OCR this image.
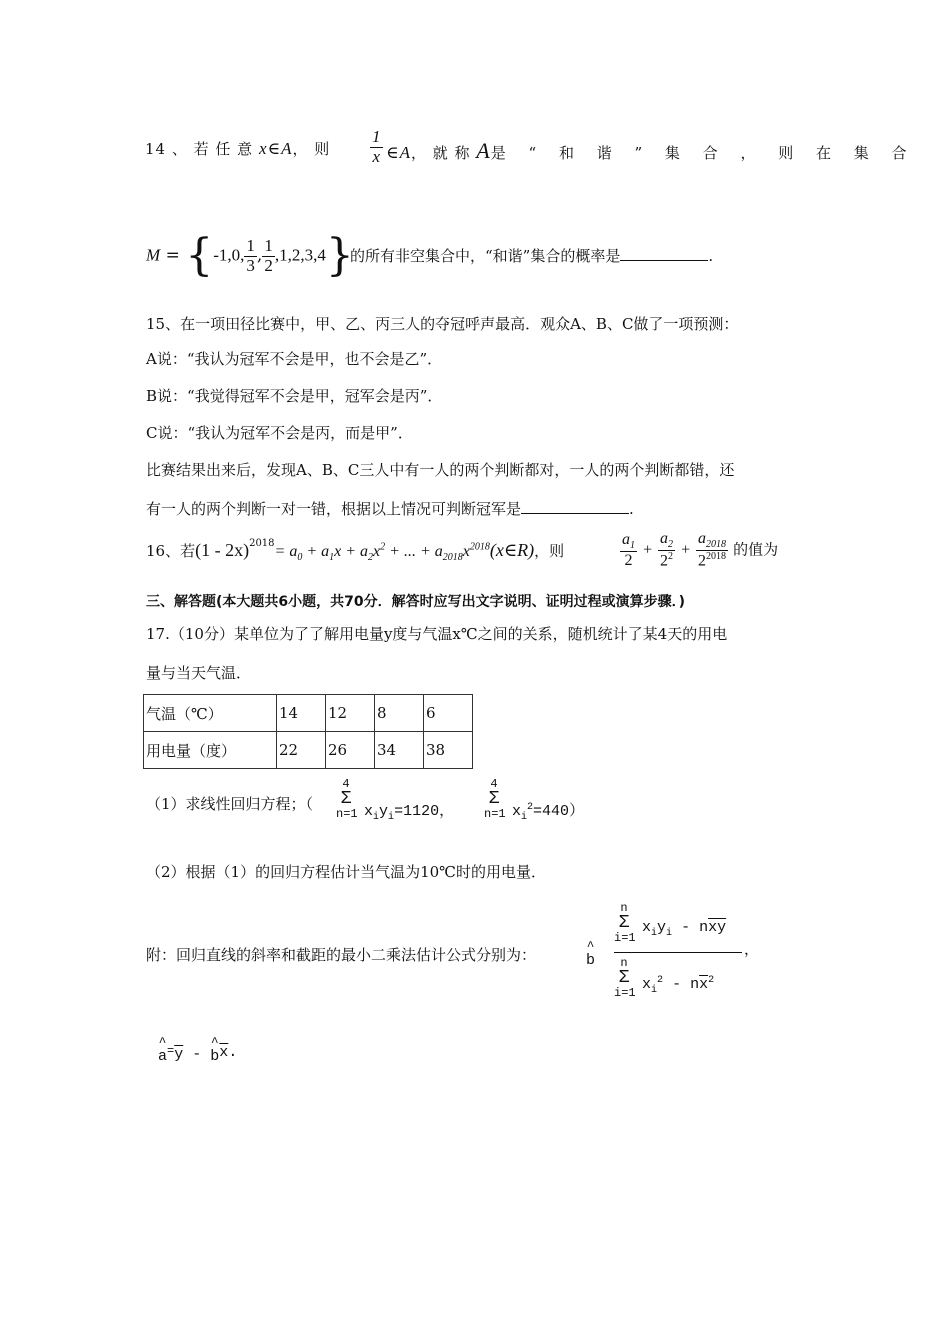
14 、 若 任 意 x∈A， 则 $\frac{1}{x}$ ∈A， 就 称 A是 “ 和 谐 ” 集 合 ， 则 在 集 合
M = {-1,0, $\frac{1}{3}$ , $\frac{1}{2} ,1,2,3,4$}
的所有非空集合中，“和谐”集合的概率是	.
15、在一项田径比赛中，甲、乙、丙三人的夺冠呼声最高．观众A、B、C做了一项预测：
A说：“我认为冠军不会是甲，也不会是乙”．
B说：“我觉得冠军不会是甲，冠军会是丙”．
C说：“我认为冠军不会是丙，而是甲”．
比赛结果出来后，发现A、B、C三人中有一人的两个判断都对，一人的两个判断都错，还
有一人的两个判断一对一错，根据以上情况可判断冠军是	.
16、若$(1 - 2x)^{2018}= a_0 + a_1x + a_2x^2$ + ... + $a_{2018}x^{2018}(x\in R)$，则	$\frac{a_1}{2} + \frac{a_2}{2^2} + \frac{a_{2018}}{2^{2018}}$ 的值为
三、解答题(本大题共6小题，共70分．解答时应写出文字说明、证明过程或演算步骤．)
17.（10分）某单位为了了解用电量y度与气温x℃之间的关系，随机统计了某4天的用电
量与当天气温．
气温（℃）	14	12	8	6
用电量（度）	22	26	34	38
（1）求线性回归方程；（
4
Σ
n=1 $x_iy_i=1120$，
4
Σ
n=1 $x_i^2=440$）
（2）根据（1）的回归方程估计当气温为10℃时的用电量．
附：回归直线的斜率和截距的最小二乘法估计公式分别为：	^
b
n
Σ
i=1
$x_iy_i - n\overline{xy}$
n
Σ
i=1 $x_i^2 - n\overline{x}^2$
，
^
$a^=\overline{y}$ -
^
$b\overline{x}$.
